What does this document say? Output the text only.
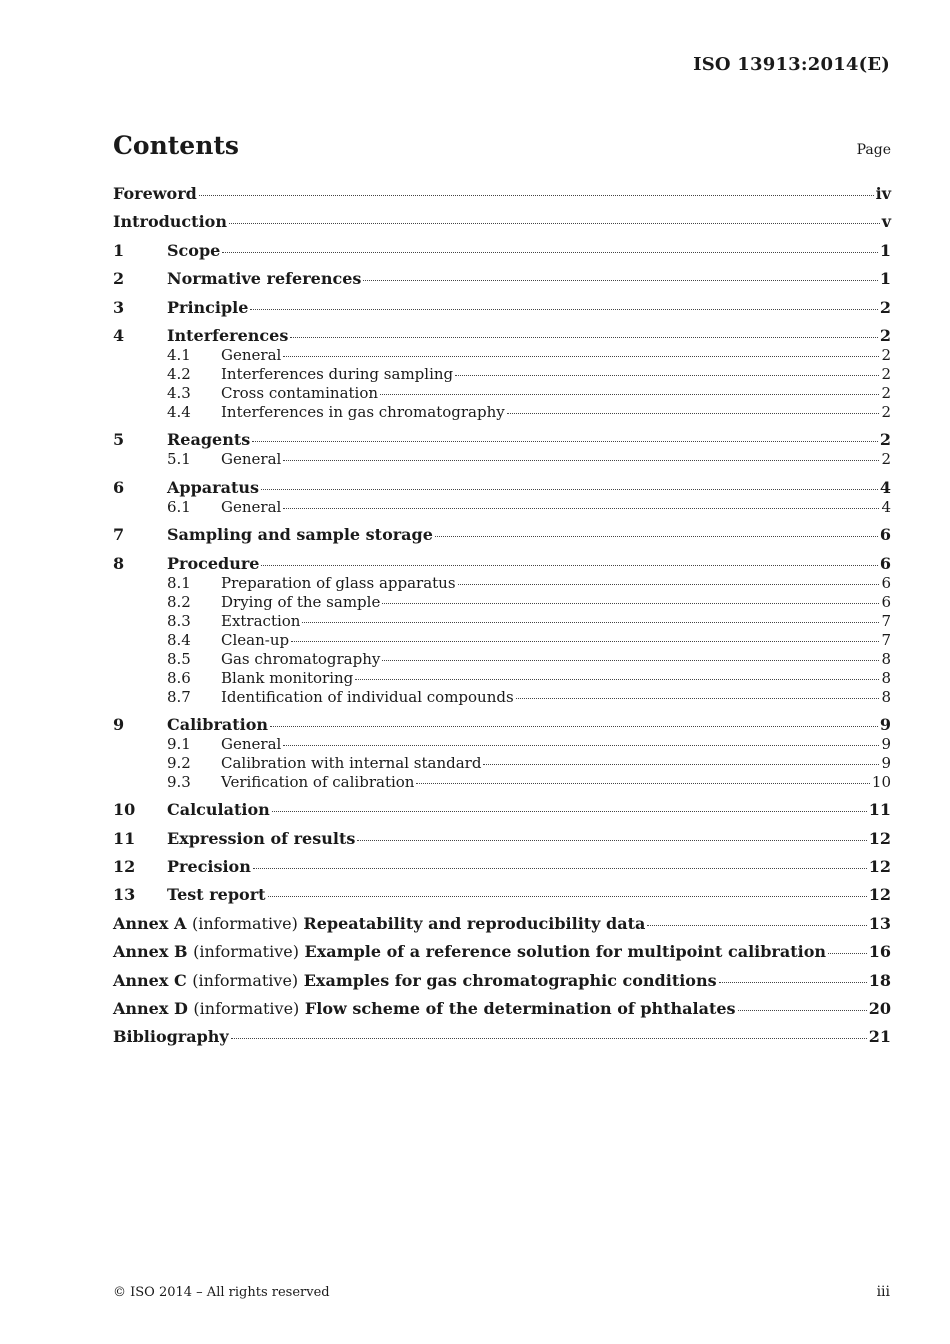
ISO 13913:2014(E)
Contents	Page
Foreword	iv
Introduction	v
1	Scope	1
2	Normative references	1
3	Principle	2
4	Interferences	2
4.1	General	2
4.2	Interferences during sampling	2
4.3	Cross contamination	2
4.4	Interferences in gas chromatography	2
5	Reagents	2
5.1	General	2
6	Apparatus	4
6.1	General	4
7	Sampling and sample storage	6
8	Procedure	6
8.1	Preparation of glass apparatus	6
8.2	Drying of the sample	6
8.3	Extraction	7
8.4	Clean-up	7
8.5	Gas chromatography	8
8.6	Blank monitoring	8
8.7	Identification of individual compounds	8
9	Calibration	9
9.1	General	9
9.2	Calibration with internal standard	9
9.3	Verification of calibration	10
10	Calculation	11
11	Expression of results	12
12	Precision	12
13	Test report	12
Annex A (informative) Repeatability and reproducibility data	13
Annex B (informative) Example of a reference solution for multipoint calibration	16
Annex C (informative) Examples for gas chromatographic conditions	18
Annex D (informative) Flow scheme of the determination of phthalates	20
Bibliography	21
© ISO 2014 – All rights reserved	iii
